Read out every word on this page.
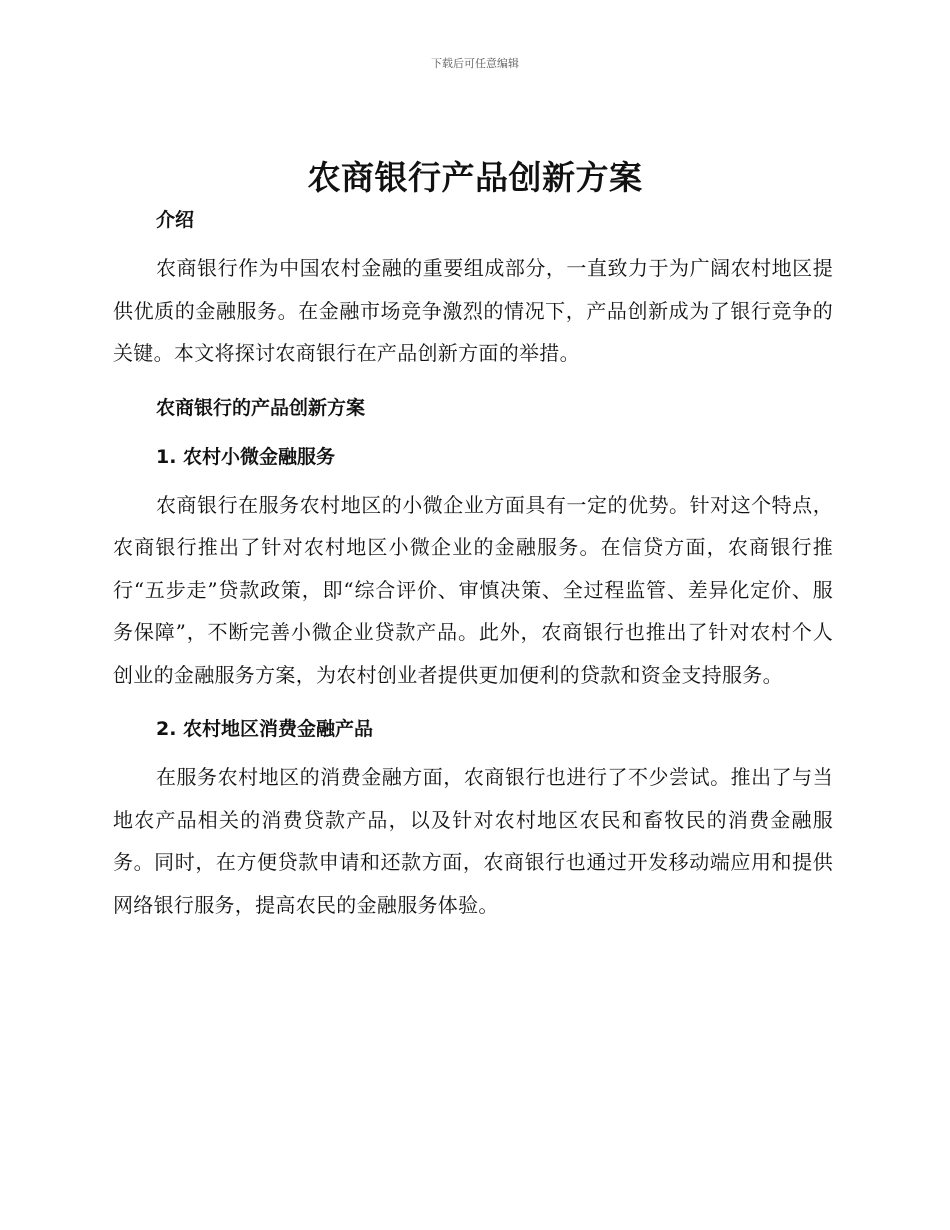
下载后可任意编辑
农商银行产品创新方案

介绍

农商银行作为中国农村金融的重要组成部分，一直致力于为广阔农村地区提供优质的金融服务。在金融市场竞争激烈的情况下，产品创新成为了银行竞争的关键。本文将探讨农商银行在产品创新方面的举措。

农商银行的产品创新方案

1. 农村小微金融服务

农商银行在服务农村地区的小微企业方面具有一定的优势。针对这个特点，农商银行推出了针对农村地区小微企业的金融服务。在信贷方面，农商银行推行“五步走”贷款政策，即“综合评价、审慎决策、全过程监管、差异化定价、服务保障”，不断完善小微企业贷款产品。此外，农商银行也推出了针对农村个人创业的金融服务方案，为农村创业者提供更加便利的贷款和资金支持服务。

2. 农村地区消费金融产品

在服务农村地区的消费金融方面，农商银行也进行了不少尝试。推出了与当地农产品相关的消费贷款产品，以及针对农村地区农民和畜牧民的消费金融服务。同时，在方便贷款申请和还款方面，农商银行也通过开发移动端应用和提供网络银行服务，提高农民的金融服务体验。
